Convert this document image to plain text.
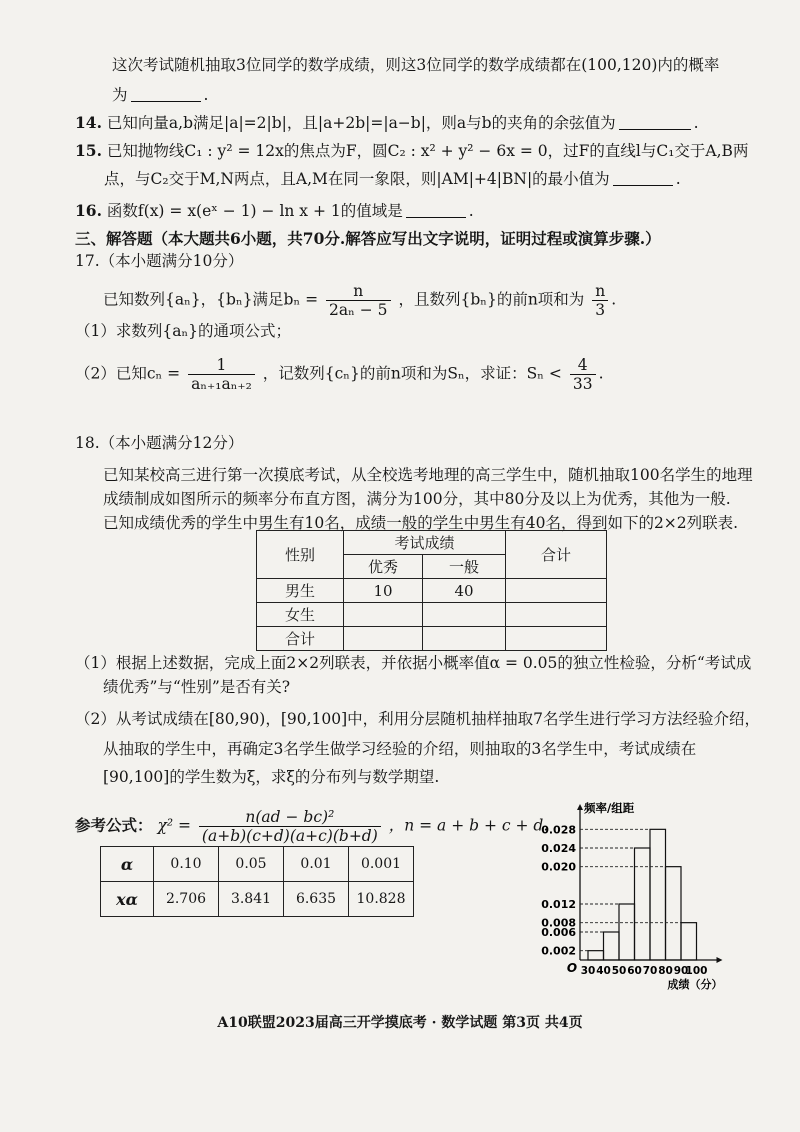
这次考试随机抽取3位同学的数学成绩，则这3位同学的数学成绩都在(100,120)内的概率
为	.
14. 已知向量a,b满足|a|=2|b|，且|a+2b|=|a−b|，则a与b的夹角的余弦值为	.
15. 已知抛物线C₁ : y² = 12x的焦点为F，圆C₂ : x² + y² − 6x = 0，过F的直线l与C₁交于A,B两
点，与C₂交于M,N两点，且A,M在同一象限，则|AM|+4|BN|的最小值为	.
16. 函数f(x) = x(eˣ − 1) − ln x + 1的值域是	.
三、解答题（本大题共6小题，共70分.解答应写出文字说明，证明过程或演算步骤.）
17.（本小题满分10分）
已知数列{aₙ}，{bₙ}满足$b_n = \frac{n}{\text{2aₙ − 5}}$ ，且数列{bₙ}的前n项和为 $\frac{n}{3}$ .
（1）求数列{aₙ}的通项公式；
（2）已知$c_n = \frac{1}{\text{aₙ₊₁aₙ₊₂}}$ ，记数列{cₙ}的前n项和为Sₙ，求证：$S_n < \frac{4}{33}$ .
18.（本小题满分12分）
已知某校高三进行第一次摸底考试，从全校选考地理的高三学生中，随机抽取100名学生的地理
成绩制成如图所示的频率分布直方图，满分为100分，其中80分及以上为优秀，其他为一般.
已知成绩优秀的学生中男生有10名，成绩一般的学生中男生有40名，得到如下的2×2列联表.
性别	考试成绩		合计
	优秀	一般	
男生	10	40	
女生			
合计			
（1）根据上述数据，完成上面2×2列联表，并依据小概率值α = 0.05的独立性检验，分析“考试成
绩优秀”与“性别”是否有关?
（2）从考试成绩在[80,90)，[90,100]中，利用分层随机抽样抽取7名学生进行学习方法经验介绍，
从抽取的学生中，再确定3名学生做学习经验的介绍，则抽取的3名学生中，考试成绩在
[90,100]的学生数为ξ，求ξ的分布列与数学期望.
参考公式： $\chi^2 = \frac{\text{n(ad − bc)²}}{(a+b)(c+d)(a+c)(b+d)}$ ，n = a + b + c + d.
α	0.10	0.05	0.01	0.001
xα	2.706	3.841	6.635	10.828
0.028
0.024
0.020
0.012
0.008
0.006
0.002
30 40 50 60 70 80 90
100
O
频率/组距
成绩（分）
A10联盟2023届高三开学摸底考 · 数学试题 第3页 共4页
